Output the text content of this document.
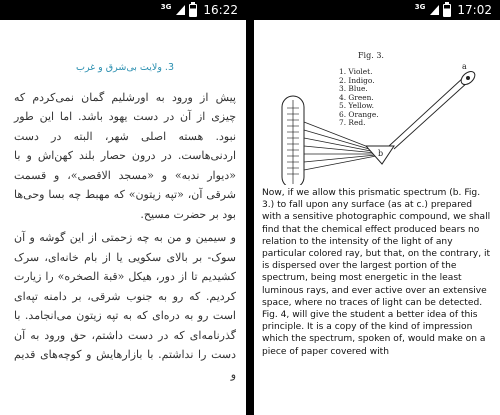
3G	16:22
3. ولایت بی‌شرق و غرب

پیش از ورود به اورشلیم گمان نمی‌کردم که چیزی از آن در دست یهود باشد. اما این طور نبود. هسته اصلی شهر، البته در دست اردنی‌هاست. در درون حصار بلند کهن‌اش و با «دیوار ندبه» و «مسجد الاقصی»، و قسمت شرقی آن، «تپه زیتون» که مهبط چه بسا وحی‌ها بود بر حضرت مسیح.

و سیمین و من به چه زحمتی از این گوشه و آن سوک- بر بالای سکویی یا از بام خانه‌ای، سرک کشیدیم تا از دور، هیکل «قبة الصخره» را زیارت کردیم. که رو به جنوب شرقی، بر دامنه تپه‌ای است رو به دره‌ای که به تپه زیتون می‌انجامد. با گذرنامه‌ای که در دست داشتم، حق ورود به آن دست را نداشتم. با بازارهایش و کوچه‌های قدیم و

3G	17:02
b
a
Fig. 3.
1. Violet.
2. Indigo.
3. Blue.
4. Green.
5. Yellow.
6. Orange.
7. Red.
Now, if we allow this prismatic spectrum (b. Fig. 3.) to fall upon any surface (as at c.) prepared with a sensitive photographic compound, we shall find that the chemical effect produced bears no relation to the intensity of the light of any particular colored ray, but that, on the contrary, it is dispersed over the largest portion of the spectrum, being most energetic in the least luminous rays, and ever active over an extensive space, where no traces of light can be detected. Fig. 4, will give the student a better idea of this principle. It is a copy of the kind of impression which the spectrum, spoken of, would make on a piece of paper covered with
